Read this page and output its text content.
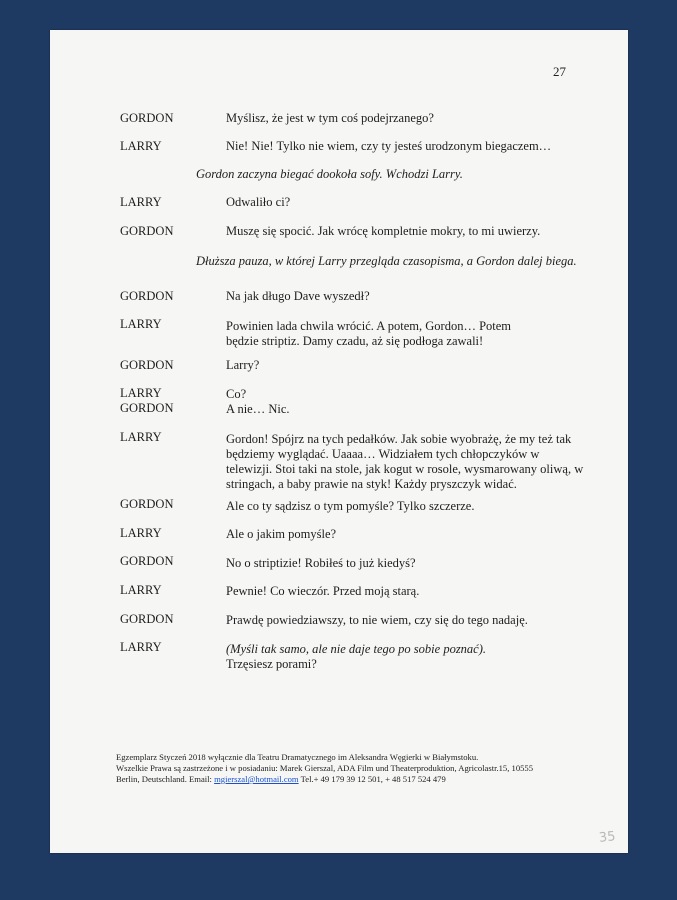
27
GORDON	Myślisz, że jest w tym coś podejrzanego?
LARRY	Nie! Nie! Tylko nie wiem, czy ty jesteś urodzonym biegaczem…
Gordon zaczyna biegać dookoła sofy. Wchodzi Larry.
LARRY	Odwaliło ci?
GORDON	Muszę się spocić. Jak wrócę kompletnie mokry, to mi uwierzy.
Dłuższa pauza, w której Larry przegląda czasopisma, a Gordon dalej biega.
GORDON	Na jak długo Dave wyszedł?
LARRY	Powinien lada chwila wrócić. A potem, Gordon… Potem
będzie striptiz. Damy czadu, aż się podłoga zawali!
GORDON	Larry?
LARRY	Co?
GORDON	A nie… Nic.
LARRY	Gordon! Spójrz na tych pedałków. Jak sobie wyobrażę, że my też tak
będziemy wyglądać. Uaaaa… Widziałem tych chłopczyków w
telewizji. Stoi taki na stole, jak kogut w rosole, wysmarowany oliwą, w
stringach, a baby prawie na styk! Każdy pryszczyk widać.
GORDON	Ale co ty sądzisz o tym pomyśle? Tylko szczerze.
LARRY	Ale o jakim pomyśle?
GORDON	No o striptizie! Robiłeś to już kiedyś?
LARRY	Pewnie! Co wieczór. Przed moją starą.
GORDON	Prawdę powiedziawszy, to nie wiem, czy się do tego nadaję.
LARRY	(Myśli tak samo, ale nie daje tego po sobie poznać).
Trzęsiesz porami?
Egzemplarz Styczeń 2018 wyłącznie dla Teatru Dramatycznego im Aleksandra Węgierki w Białymstoku.
Wszelkie Prawa są zastrzeżone i w posiadaniu: Marek Gierszal, ADA Film und Theaterproduktion, Agricolastr.15, 10555
Berlin, Deutschland. Email: mgierszal@hotmail.com Tel.+ 49 179 39 12 501, + 48 517 524 479
35
